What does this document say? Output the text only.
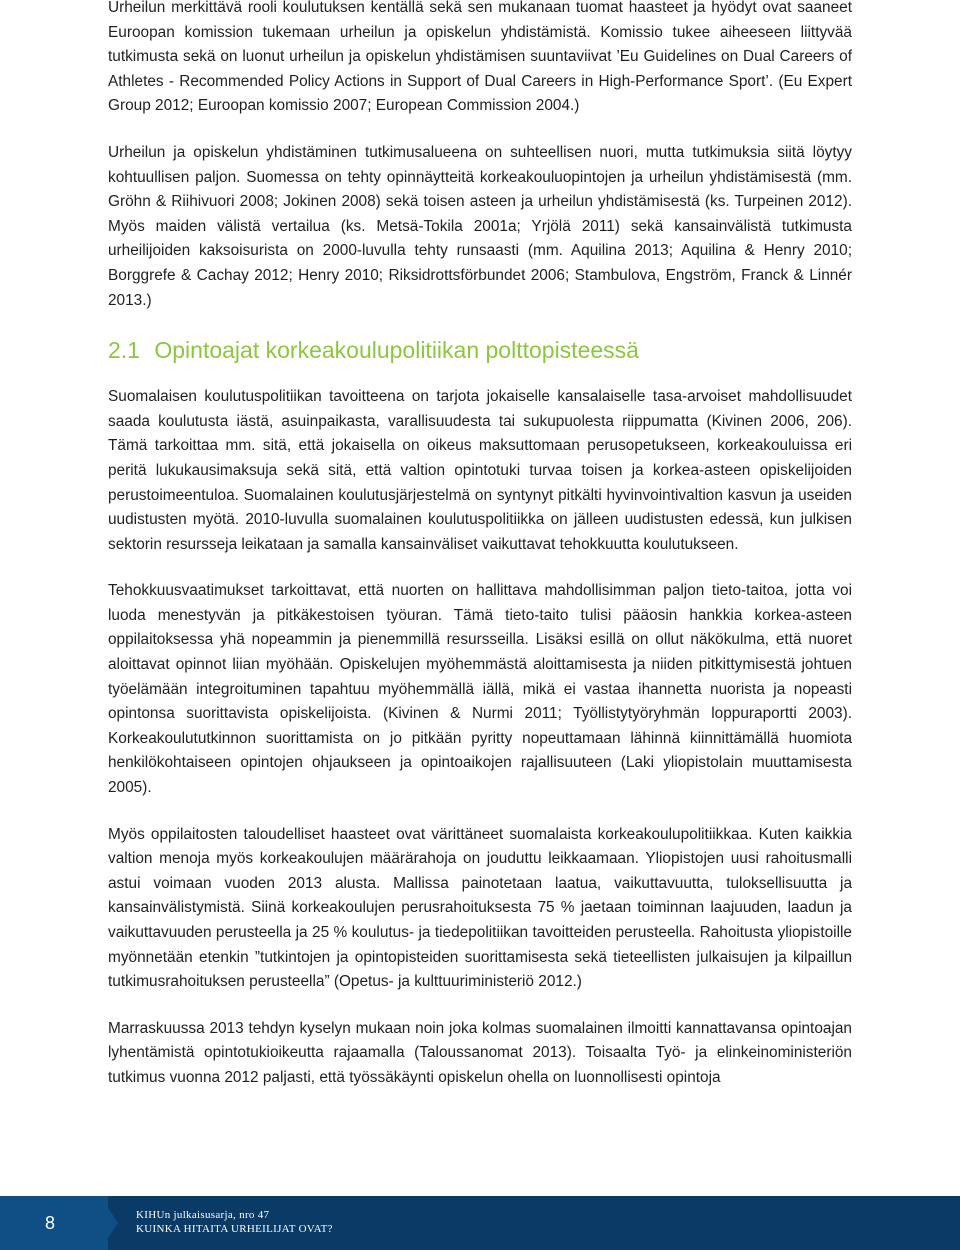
Urheilun merkittävä rooli koulutuksen kentällä sekä sen mukanaan tuomat haasteet ja hyödyt ovat saaneet Euroopan komission tukemaan urheilun ja opiskelun yhdistämistä. Komissio tukee aiheeseen liittyvää tutkimusta sekä on luonut urheilun ja opiskelun yhdistämisen suuntaviivat ’Eu Guidelines on Dual Careers of Athletes - Recommended Policy Actions in Support of Dual Careers in High-Performance Sport’. (Eu Expert Group 2012; Euroopan komissio 2007; European Commission 2004.)

Urheilun ja opiskelun yhdistäminen tutkimusalueena on suhteellisen nuori, mutta tutkimuksia siitä löytyy kohtuullisen paljon. Suomessa on tehty opinnäytteitä korkeakouluopintojen ja urheilun yhdistämisestä (mm. Gröhn & Riihivuori 2008; Jokinen 2008) sekä toisen asteen ja urheilun yhdistämisestä (ks. Turpeinen 2012). Myös maiden välistä vertailua (ks. Metsä-Tokila 2001a; Yrjölä 2011) sekä kansainvälistä tutkimusta urheilijoiden kaksoisurista on 2000-luvulla tehty runsaasti (mm. Aquilina 2013; Aquilina & Henry 2010; Borggrefe & Cachay 2012; Henry 2010; Riksidrottsförbundet 2006; Stambulova, Engström, Franck & Linnér 2013.)

2.1 Opintoajat korkeakoulupolitiikan polttopisteessä

Suomalaisen koulutuspolitiikan tavoitteena on tarjota jokaiselle kansalaiselle tasa-arvoiset mahdollisuudet saada koulutusta iästä, asuinpaikasta, varallisuudesta tai sukupuolesta riippumatta (Kivinen 2006, 206). Tämä tarkoittaa mm. sitä, että jokaisella on oikeus maksuttomaan perusopetukseen, korkeakouluissa eri peritä lukukausimaksuja sekä sitä, että valtion opintotuki turvaa toisen ja korkea-asteen opiskelijoiden perustoimeentuloa. Suomalainen koulutusjärjestelmä on syntynyt pitkälti hyvinvointivaltion kasvun ja useiden uudistusten myötä. 2010-luvulla suomalainen koulutuspolitiikka on jälleen uudistusten edessä, kun julkisen sektorin resursseja leikataan ja samalla kansainväliset vaikuttavat tehokkuutta koulutukseen.

Tehokkuusvaatimukset tarkoittavat, että nuorten on hallittava mahdollisimman paljon tieto-taitoa, jotta voi luoda menestyvän ja pitkäkestoisen työuran. Tämä tieto-taito tulisi pääosin hankkia korkea-asteen oppilaitoksessa yhä nopeammin ja pienemmillä resursseilla. Lisäksi esillä on ollut näkökulma, että nuoret aloittavat opinnot liian myöhään. Opiskelujen myöhemmästä aloittamisesta ja niiden pitkittymisestä johtuen työelämään integroituminen tapahtuu myöhemmällä iällä, mikä ei vastaa ihannetta nuorista ja nopeasti opintonsa suorittavista opiskelijoista. (Kivinen & Nurmi 2011; Työllistytyöryhmän loppuraportti 2003). Korkeakoulututkinnon suorittamista on jo pitkään pyritty nopeuttamaan lähinnä kiinnittämällä huomiota henkilökohtaiseen opintojen ohjaukseen ja opintoaikojen rajallisuuteen (Laki yliopistolain muuttamisesta 2005).

Myös oppilaitosten taloudelliset haasteet ovat värittäneet suomalaista korkeakoulupolitiikkaa. Kuten kaikkia valtion menoja myös korkeakoulujen määrärahoja on jouduttu leikkaamaan. Yliopistojen uusi rahoitusmalli astui voimaan vuoden 2013 alusta. Mallissa painotetaan laatua, vaikuttavuutta, tuloksellisuutta ja kansainvälistymistä. Siinä korkeakoulujen perusrahoituksesta 75 % jaetaan toiminnan laajuuden, laadun ja vaikuttavuuden perusteella ja 25 % koulutus- ja tiedepolitiikan tavoitteiden perusteella. Rahoitusta yliopistoille myönnetään etenkin ”tutkintojen ja opintopisteiden suorittamisesta sekä tieteellisten julkaisujen ja kilpaillun tutkimusrahoituksen perusteella” (Opetus- ja kulttuuriministeriö 2012.)

Marraskuussa 2013 tehdyn kyselyn mukaan noin joka kolmas suomalainen ilmoitti kannattavansa opintoajan lyhentämistä opintotukioikeutta rajaamalla (Taloussanomat 2013). Toisaalta Työ- ja elinkeinoministeriön tutkimus vuonna 2012 paljasti, että työssäkäynti opiskelun ohella on luonnollisesti opintoja

8	KIHUn julkaisusarja, nro 47
KUINKA HITAITA URHEILIJAT OVAT?
